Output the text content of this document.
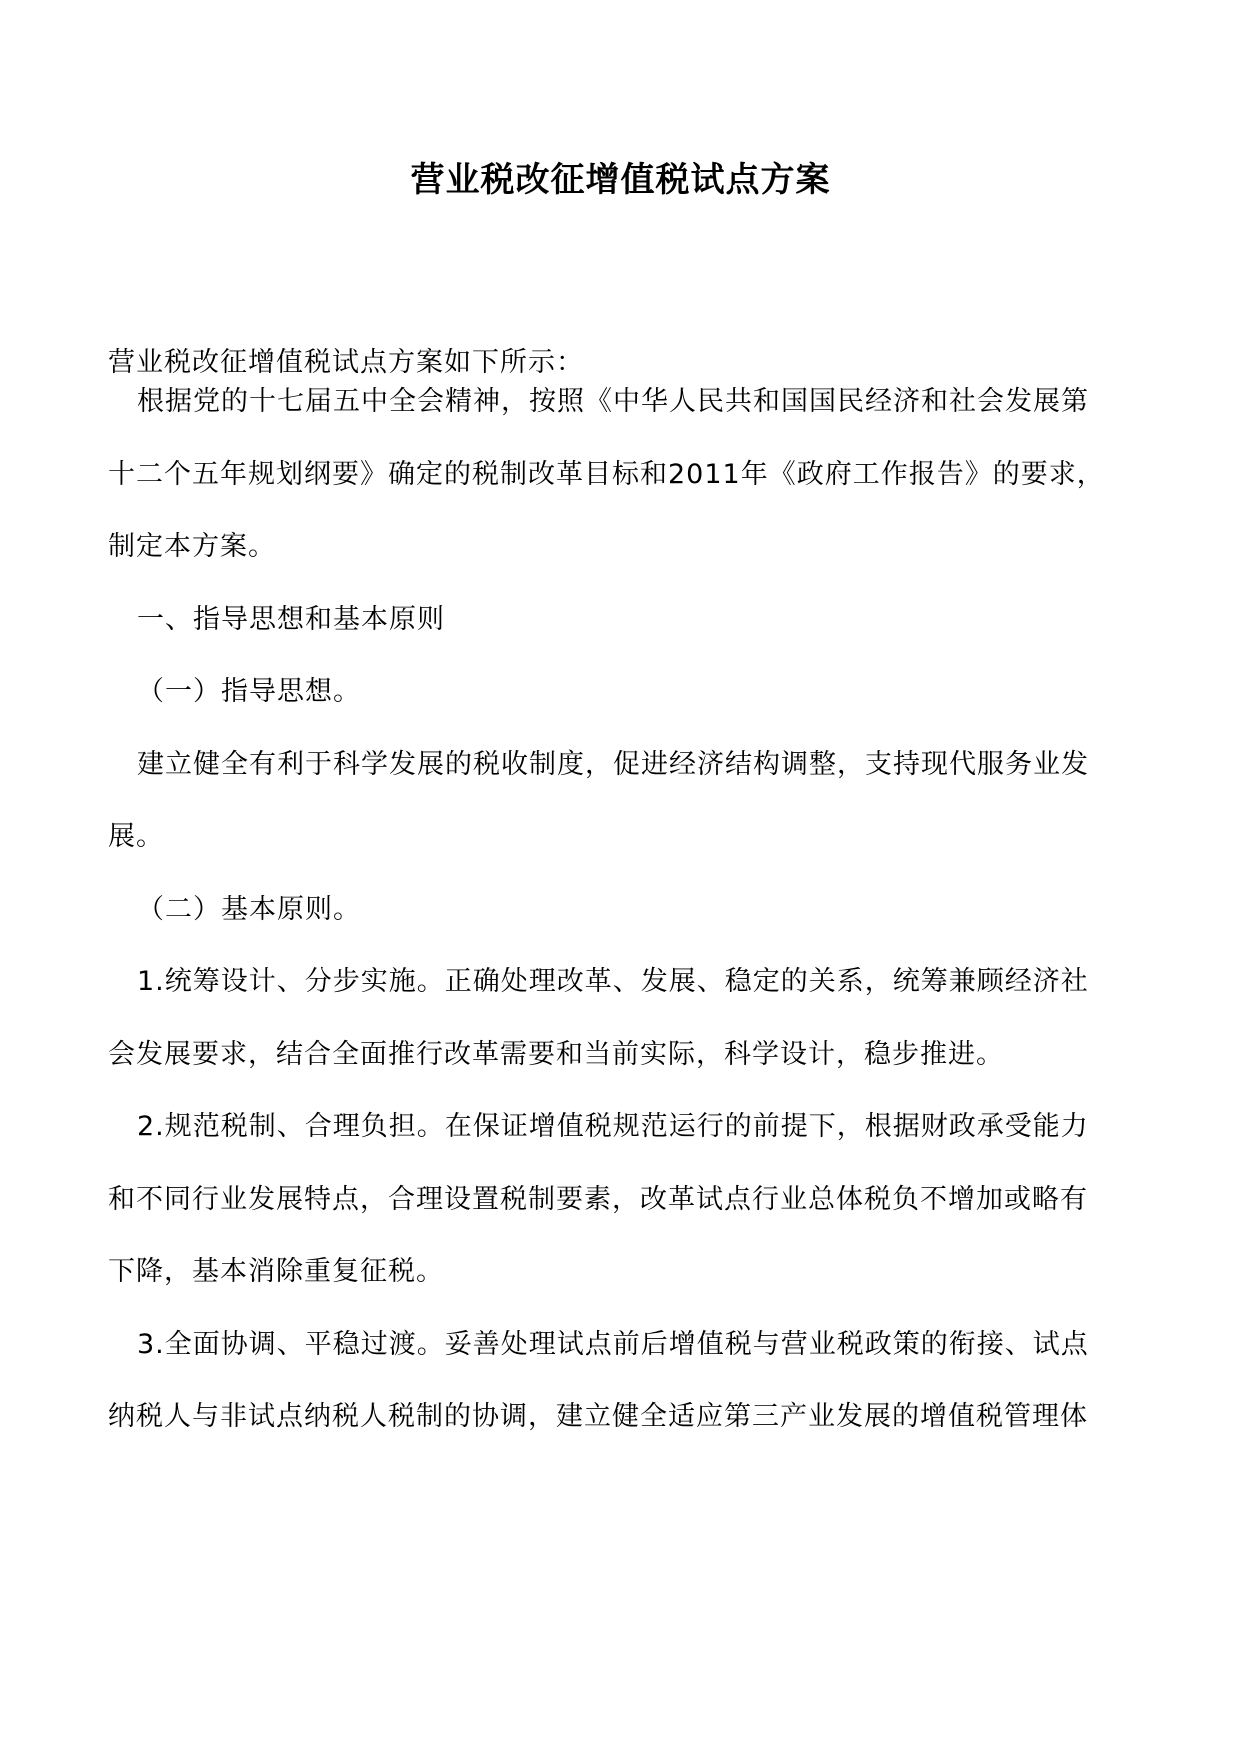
营业税改征增值税试点方案
营业税改征增值税试点方案如下所示：
根据党的十七届五中全会精神，按照《中华人民共和国国民经济和社会发展第
十二个五年规划纲要》确定的税制改革目标和2011年《政府工作报告》的要求，
制定本方案。
一、指导思想和基本原则
（一）指导思想。
建立健全有利于科学发展的税收制度，促进经济结构调整，支持现代服务业发
展。
（二）基本原则。
1.统筹设计、分步实施。正确处理改革、发展、稳定的关系，统筹兼顾经济社
会发展要求，结合全面推行改革需要和当前实际，科学设计，稳步推进。
2.规范税制、合理负担。在保证增值税规范运行的前提下，根据财政承受能力
和不同行业发展特点，合理设置税制要素，改革试点行业总体税负不增加或略有
下降，基本消除重复征税。
3.全面协调、平稳过渡。妥善处理试点前后增值税与营业税政策的衔接、试点
纳税人与非试点纳税人税制的协调，建立健全适应第三产业发展的增值税管理体
